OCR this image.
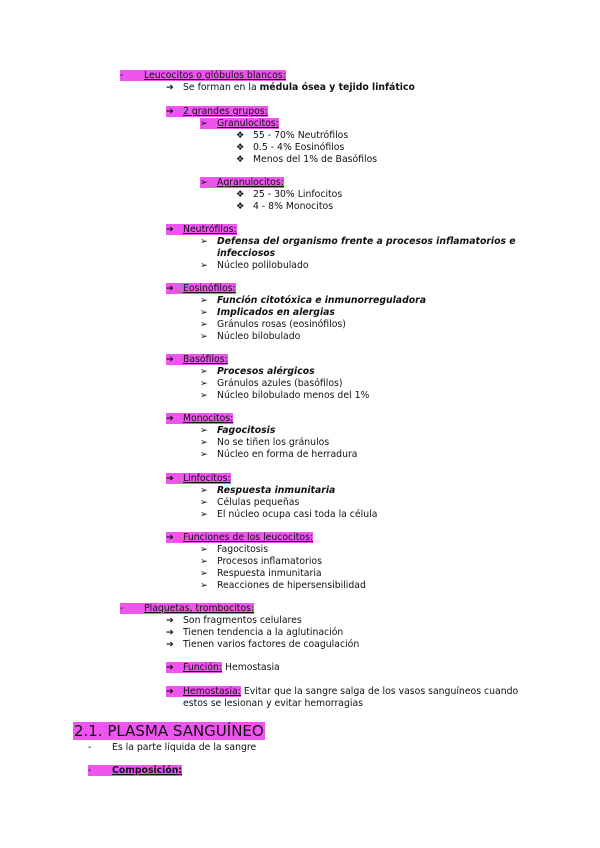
- Leucocitos o glóbulos blancos:
➔ Se forman en la médula ósea y tejido linfático
➔ 2 grandes grupos:
➢ Granulocitos:
❖ 55 - 70% Neutrófilos
❖ 0.5 - 4% Eosinófilos
❖ Menos del 1% de Basófilos
➢ Agranulocitos:
❖ 25 - 30% Linfocitos
❖ 4 - 8% Monocitos
➔ Neutrófilos:
➢ Defensa del organismo frente a procesos inflamatorios e
infecciosos
➢ Núcleo polilobulado
➔ Eosinófilos:
➢ Función citotóxica e inmunorreguladora
➢ Implicados en alergias
➢ Gránulos rosas (eosinófilos)
➢ Núcleo bilobulado
➔ Basófilos:
➢ Procesos alérgicos
➢ Gránulos azules (basófilos)
➢ Núcleo bilobulado menos del 1%
➔ Monocitos:
➢ Fagocitosis
➢ No se tiñen los gránulos
➢ Núcleo en forma de herradura
➔ Linfocitos:
➢ Respuesta inmunitaria
➢ Células pequeñas
➢ El núcleo ocupa casi toda la célula
➔ Funciones de los leucocitos:
➢ Fagocitosis
➢ Procesos inflamatorios
➢ Respuesta inmunitaria
➢ Reacciones de hipersensibilidad
- Plaquetas, trombocitos:
➔ Son fragmentos celulares
➔ Tienen tendencia a la aglutinación
➔ Tienen varios factores de coagulación
➔ Función: Hemostasia
➔ Hemostasia: Evitar que la sangre salga de los vasos sanguíneos cuando
estos se lesionan y evitar hemorragias
2.1. PLASMA SANGUÍNEO
- Es la parte líquida de la sangre
- Composición:
